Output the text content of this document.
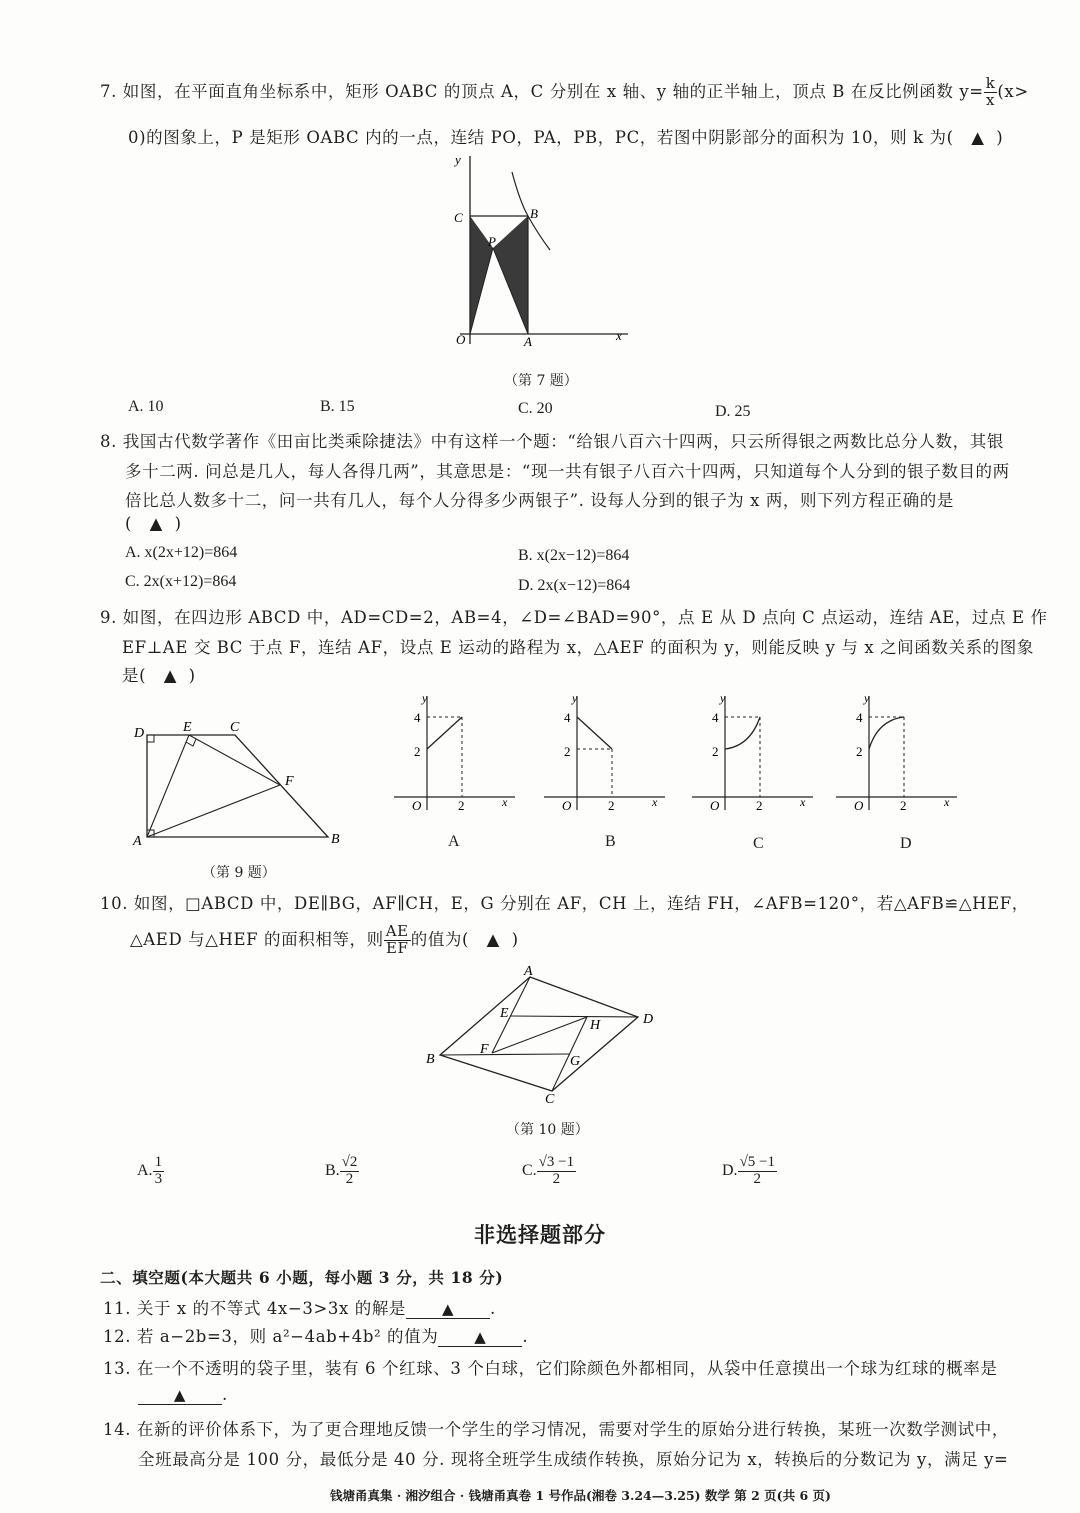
7. 如图，在平面直角坐标系中，矩形 OABC 的顶点 A，C 分别在 x 轴、y 轴的正半轴上，顶点 B 在反比例函数 $y= \frac{k}{x} (x>$
0)的图象上，P 是矩形 OABC 内的一点，连结 PO，PA，PB，PC，若图中阴影部分的面积为 10，则 k 为( ▲  )
y
x
O	A
B
C
P
（第 7 题）
A. 10	B. 15	C. 20	D. 25
8. 我国古代数学著作《田亩比类乘除捷法》中有这样一个题：“给银八百六十四两，只云所得银之两数比总分人数，其银
多十二两. 问总是几人，每人各得几两”，其意思是：“现一共有银子八百六十四两，只知道每个人分到的银子数目的两
倍比总人数多十二，问一共有几人，每个人分得多少两银子”. 设每人分到的银子为 x 两，则下列方程正确的是
( ▲  )
A. x(2x+12)=864	B. x(2x−12)=864
C. 2x(x+12)=864	D. 2x(x−12)=864
9. 如图，在四边形 ABCD 中，AD=CD=2，AB=4，∠D=∠BAD=90°，点 E 从 D 点向 C 点运动，连结 AE，过点 E 作
EF⊥AE 交 BC 于点 F，连结 AF，设点 E 运动的路程为 x，△AEF 的面积为 y，则能反映 y 与 x 之间函数关系的图象
是( ▲  )
D	E	C
F
A	B
（第 9 题）
y
x
O
4
2
2
A
y
x
O
4
2
2
B
y
x
O
4
2
2
C
y
x
O
4
2
2
D
10. 如图，□ABCD 中，DE∥BG，AF∥CH，E，G 分别在 AF，CH 上，连结 FH，∠AFB=120°，若△AFB≌△HEF，
△AED 与△HEF 的面积相等，则 $\frac{AE}{EF}$ 的值为( ▲  )
A
B
C
D
E
F
G
H
（第 10 题）
A. $\frac{1}{3}$	B. $\frac{√2}{2}$	C. $\frac{√3 -1}{2}$	D. $\frac{√5 -1}{2}$
非选择题部分
二、填空题(本大题共 6 小题，每小题 3 分，共 18 分)
11. 关于 x 的不等式 4x−3>3x 的解是 ▲ .
12. 若 a−2b=3，则 a²−4ab+4b² 的值为 ▲ .
13. 在一个不透明的袋子里，装有 6 个红球、3 个白球，它们除颜色外都相同，从袋中任意摸出一个球为红球的概率是
▲ .
14. 在新的评价体系下，为了更合理地反馈一个学生的学习情况，需要对学生的原始分进行转换，某班一次数学测试中，
全班最高分是 100 分，最低分是 40 分. 现将全班学生成绩作转换，原始分记为 x，转换后的分数记为 y，满足 y=
钱塘甬真集 · 湘汐组合 · 钱塘甬真卷 1 号作品(湘卷 3.24—3.25) 数学 第 2 页(共 6 页)
